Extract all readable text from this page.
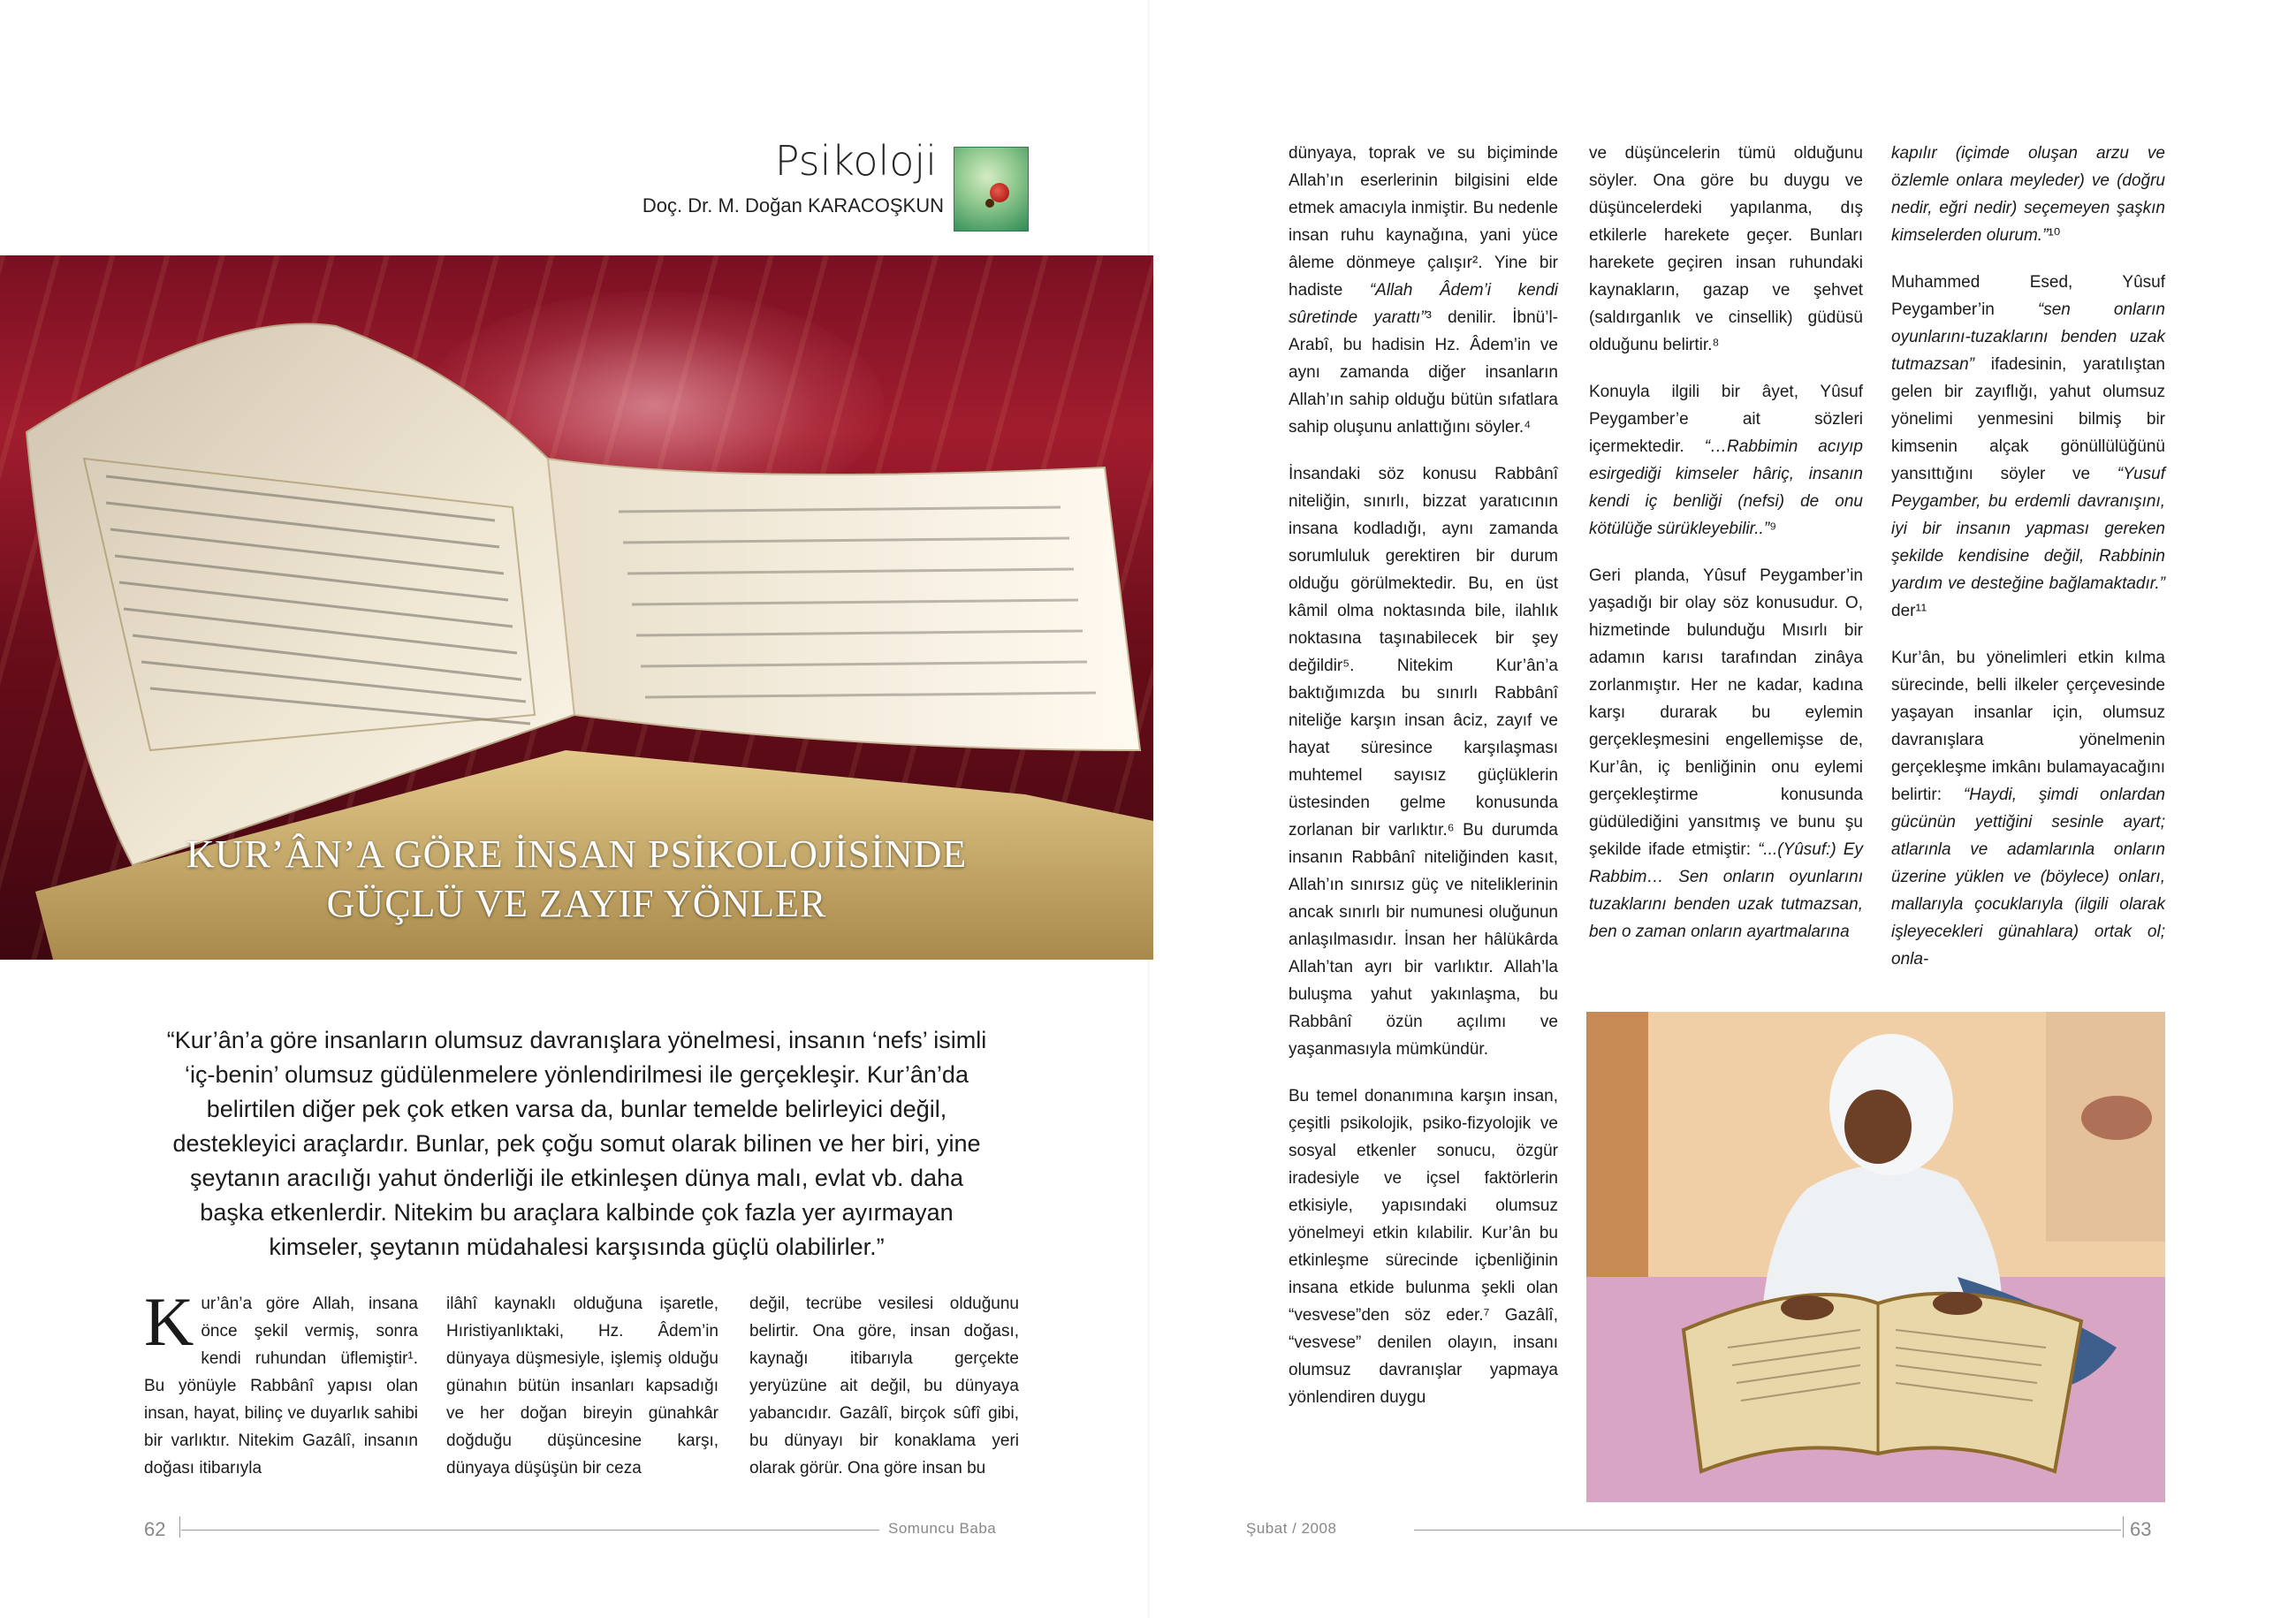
Psikoloji
Doç. Dr. M. Doğan KARACOŞKUN
KUR’ÂN’A GÖRE İNSAN PSİKOLOJİSİNDE
GÜÇLÜ VE ZAYIF YÖNLER
“Kur’ân’a göre insanların olumsuz davranışlara yönelmesi, insanın ‘nefs’ isimli ‘iç-benin’ olumsuz güdülenmelere yönlendirilmesi ile gerçekleşir. Kur’ân’da belirtilen diğer pek çok etken varsa da, bunlar temelde belirleyici değil, destekleyici araçlardır. Bunlar, pek çoğu somut olarak bilinen ve her biri, yine şeytanın aracılığı yahut önderliği ile etkinleşen dünya malı, evlat vb. daha başka etkenlerdir. Nitekim bu araçlara kalbinde çok fazla yer ayırmayan kimseler, şeytanın müdahalesi karşısında güçlü olabilirler.”
Kur’ân’a göre Allah, insana önce şekil vermiş, sonra kendi ruhundan üflemiştir¹. Bu yönüyle Rabbânî yapısı olan insan, hayat, bilinç ve duyarlık sahibi bir varlıktır. Nitekim Gazâlî, insanın doğası itibarıyla
ilâhî kaynaklı olduğuna işaretle, Hıristiyanlıktaki, Hz. Âdem’in dünyaya düşmesiyle, işlemiş olduğu günahın bütün insanları kapsadığı ve her doğan bireyin günahkâr doğduğu düşüncesine karşı, dünyaya düşüşün bir ceza
değil, tecrübe vesilesi olduğunu belirtir. Ona göre, insan doğası, kaynağı itibarıyla gerçekte yeryüzüne ait değil, bu dünyaya yabancıdır. Gazâlî, birçok sûfî gibi, bu dünyayı bir konaklama yeri olarak görür. Ona göre insan bu
62	Somuncu Baba

dünyaya, toprak ve su biçiminde Allah’ın eserlerinin bilgisini elde etmek amacıyla inmiştir. Bu nedenle insan ruhu kaynağına, yani yüce âleme dönmeye çalışır². Yine bir hadiste “Allah Âdem’i kendi sûretinde yarattı”³ denilir. İbnü’l-Arabî, bu hadisin Hz. Âdem’in ve aynı zamanda diğer insanların Allah’ın sahip olduğu bütün sıfatlara sahip oluşunu anlattığını söyler.⁴

İnsandaki söz konusu Rabbânî niteliğin, sınırlı, bizzat yaratıcının insana kodladığı, aynı zamanda sorumluluk gerektiren bir durum olduğu görülmektedir. Bu, en üst kâmil olma noktasında bile, ilahlık noktasına taşınabilecek bir şey değildir⁵. Nitekim Kur’ân’a baktığımızda bu sınırlı Rabbânî niteliğe karşın insan âciz, zayıf ve hayat süresince karşılaşması muhtemel sayısız güçlüklerin üstesinden gelme konusunda zorlanan bir varlıktır.⁶ Bu durumda insanın Rabbânî niteliğinden kasıt, Allah’ın sınırsız güç ve niteliklerinin ancak sınırlı bir numunesi oluğunun anlaşılmasıdır. İnsan her hâlükârda Allah’tan ayrı bir varlıktır. Allah’la buluşma yahut yakınlaşma, bu Rabbânî özün açılımı ve yaşanmasıyla mümkündür.

Bu temel donanımına karşın insan, çeşitli psikolojik, psiko-fizyolojik ve sosyal etkenler sonucu, özgür iradesiyle ve içsel faktörlerin etkisiyle, yapısındaki olumsuz yönelmeyi etkin kılabilir. Kur’ân bu etkinleşme sürecinde içbenliğinin insana etkide bulunma şekli olan “vesvese”den söz eder.⁷ Gazâlî, “vesvese” denilen olayın, insanı olumsuz davranışlar yapmaya yönlendiren duygu

ve düşüncelerin tümü olduğunu söyler. Ona göre bu duygu ve düşüncelerdeki yapılanma, dış etkilerle harekete geçer. Bunları harekete geçiren insan ruhundaki kaynakların, gazap ve şehvet (saldırganlık ve cinsellik) güdüsü olduğunu belirtir.⁸

Konuyla ilgili bir âyet, Yûsuf Peygamber’e ait sözleri içermektedir. “…Rabbimin acıyıp esirgediği kimseler hâriç, insanın kendi iç benliği (nefsi) de onu kötülüğe sürükleyebilir..”⁹

Geri planda, Yûsuf Peygamber’in yaşadığı bir olay söz konusudur. O, hizmetinde bulunduğu Mısırlı bir adamın karısı tarafından zinâya zorlanmıştır. Her ne kadar, kadına karşı durarak bu eylemin gerçekleşmesini engellemişse de, Kur’ân, iç benliğinin onu eylemi gerçekleştirme konusunda güdülediğini yansıtmış ve bunu şu şekilde ifade etmiştir: “...(Yûsuf:) Ey Rabbim… Sen onların oyunlarını tuzaklarını benden uzak tutmazsan, ben o zaman onların ayartmalarına

kapılır (içimde oluşan arzu ve özlemle onlara meyleder) ve (doğru nedir, eğri nedir) seçemeyen şaşkın kimselerden olurum.”¹⁰

Muhammed Esed, Yûsuf Peygamber’in “sen onların oyunlarını-tuzaklarını benden uzak tutmazsan” ifadesinin, yaratılıştan gelen bir zayıflığı, yahut olumsuz yönelimi yenmesini bilmiş bir kimsenin alçak gönüllülüğünü yansıttığını söyler ve “Yusuf Peygamber, bu erdemli davranışını, iyi bir insanın yapması gereken şekilde kendisine değil, Rabbinin yardım ve desteğine bağlamaktadır.” der¹¹

Kur’ân, bu yönelimleri etkin kılma sürecinde, belli ilkeler çerçevesinde yaşayan insanlar için, olumsuz davranışlara yönelmenin gerçekleşme imkânı bulamayacağını belirtir: “Haydi, şimdi onlardan gücünün yettiğini sesinle ayart; atlarınla ve adamlarınla onların üzerine yüklen ve (böylece) onları, mallarıyla çocuklarıyla (ilgili olarak işleyecekleri günahlara) ortak ol; onla-

Şubat / 2008	63
